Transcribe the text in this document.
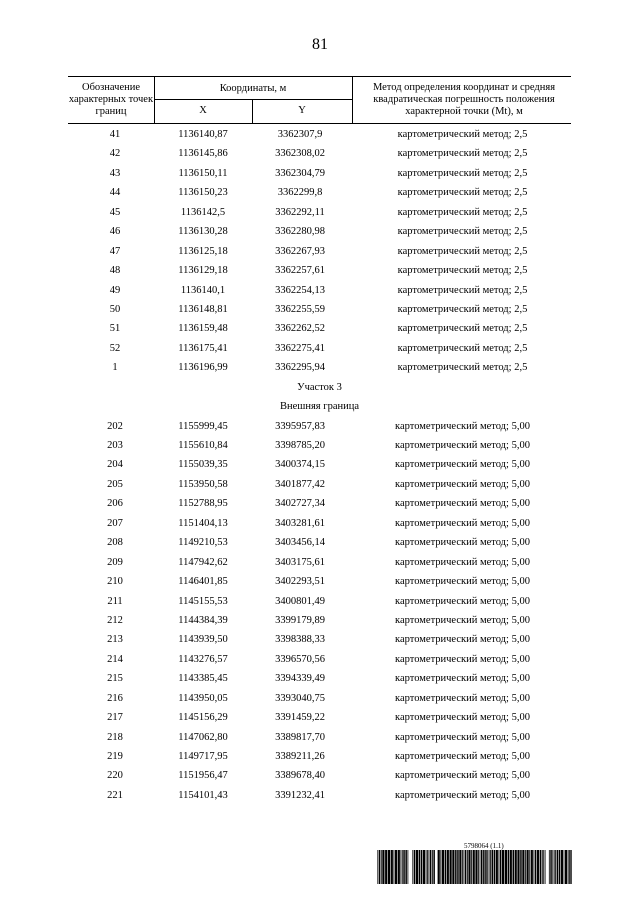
81
Обозначение характерных точек границ
Координаты, м
X	Y
Метод определения координат и средняя квадратическая погрешность положения характерной точки (Mt), м
41	1136140,87	3362307,9	картометрический метод; 2,5
42	1136145,86	3362308,02	картометрический метод; 2,5
43	1136150,11	3362304,79	картометрический метод; 2,5
44	1136150,23	3362299,8	картометрический метод; 2,5
45	1136142,5	3362292,11	картометрический метод; 2,5
46	1136130,28	3362280,98	картометрический метод; 2,5
47	1136125,18	3362267,93	картометрический метод; 2,5
48	1136129,18	3362257,61	картометрический метод; 2,5
49	1136140,1	3362254,13	картометрический метод; 2,5
50	1136148,81	3362255,59	картометрический метод; 2,5
51	1136159,48	3362262,52	картометрический метод; 2,5
52	1136175,41	3362275,41	картометрический метод; 2,5
1	1136196,99	3362295,94	картометрический метод; 2,5
Участок 3
Внешняя граница
202	1155999,45	3395957,83	картометрический метод; 5,00
203	1155610,84	3398785,20	картометрический метод; 5,00
204	1155039,35	3400374,15	картометрический метод; 5,00
205	1153950,58	3401877,42	картометрический метод; 5,00
206	1152788,95	3402727,34	картометрический метод; 5,00
207	1151404,13	3403281,61	картометрический метод; 5,00
208	1149210,53	3403456,14	картометрический метод; 5,00
209	1147942,62	3403175,61	картометрический метод; 5,00
210	1146401,85	3402293,51	картометрический метод; 5,00
211	1145155,53	3400801,49	картометрический метод; 5,00
212	1144384,39	3399179,89	картометрический метод; 5,00
213	1143939,50	3398388,33	картометрический метод; 5,00
214	1143276,57	3396570,56	картометрический метод; 5,00
215	1143385,45	3394339,49	картометрический метод; 5,00
216	1143950,05	3393040,75	картометрический метод; 5,00
217	1145156,29	3391459,22	картометрический метод; 5,00
218	1147062,80	3389817,70	картометрический метод; 5,00
219	1149717,95	3389211,26	картометрический метод; 5,00
220	1151956,47	3389678,40	картометрический метод; 5,00
221	1154101,43	3391232,41	картометрический метод; 5,00
5798064 (1.1)
